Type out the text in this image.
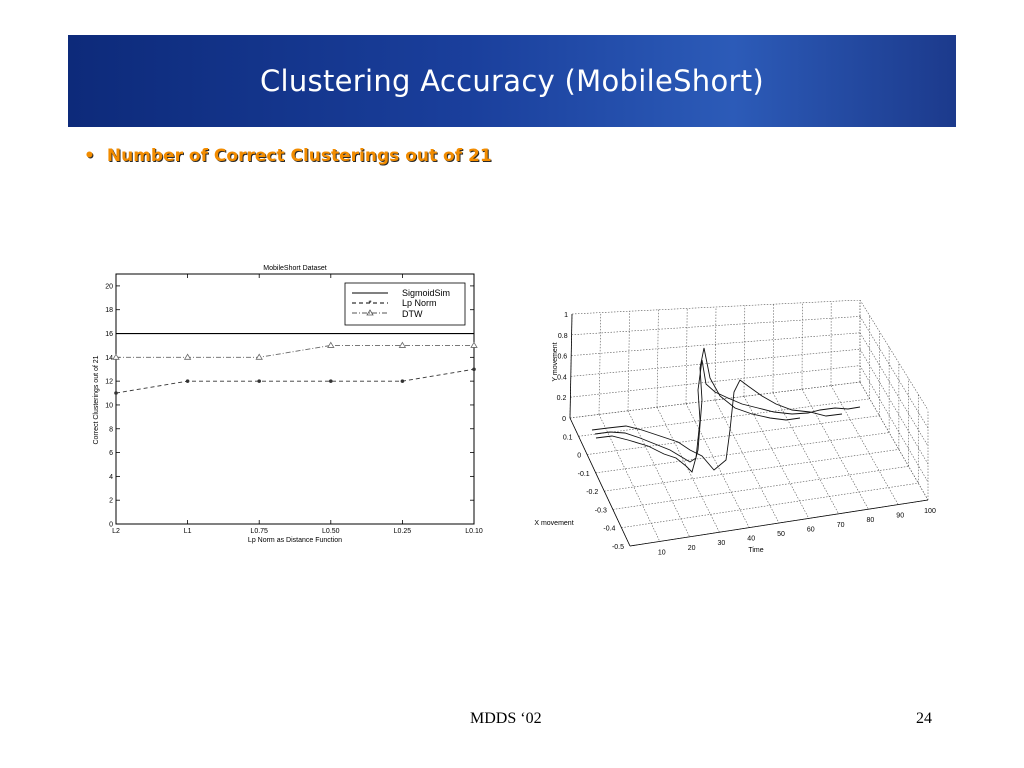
Clustering Accuracy (MobileShort)
• Number of Correct Clusterings out of 21
MobileShort Dataset
0
2
4
6
8
10
12
14
16
18
20
L2	L1	L0.75	L0.50	L0.25	L0.10
Lp Norm as Distance Function
Correct Clusterings out of 21
SigmoidSim
*	Lp Norm
DTW
10
20
30
40
50
60
70
80
90
100
0.1
0
-0.1
-0.2
-0.3
-0.4
-0.5
0
0.2
0.4
0.6
0.8
1
Time
X movement
Y movement
MDDS ‘02	24
